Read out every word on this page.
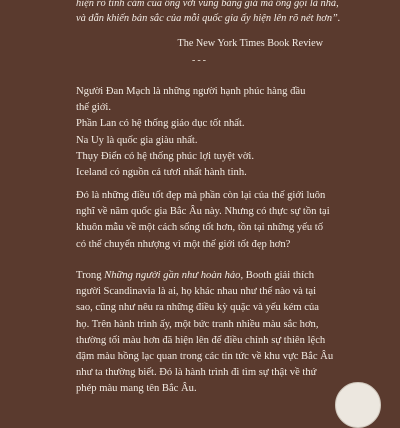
hiện rõ tình cảm của ông với vùng băng giá mà ông gọi là nhà,
và dẫn khiến bản sắc của mỗi quốc gia ấy hiện lên rõ nét hơn”.
The New York Times Book Review
---
Người Đan Mạch là những người hạnh phúc hàng đầu
thế giới.
Phần Lan có hệ thống giáo dục tốt nhất.
Na Uy là quốc gia giàu nhất.
Thụy Điển có hệ thống phúc lợi tuyệt vời.
Iceland có nguồn cá tươi nhất hành tinh.
Đó là những điều tốt đẹp mà phần còn lại của thế giới luôn
nghĩ về năm quốc gia Bắc Âu này. Nhưng có thực sự tồn tại
khuôn mẫu về một cách sống tốt hơn, tồn tại những yếu tố
có thể chuyển nhượng vì một thế giới tốt đẹp hơn?
Trong Những người gần như hoàn hảo, Booth giải thích
người Scandinavia là ai, họ khác nhau như thế nào và tại
sao, cũng như nêu ra những điều kỳ quặc và yếu kém của
họ. Trên hành trình ấy, một bức tranh nhiều màu sắc hơn,
thường tối màu hơn đã hiện lên để điều chỉnh sự thiên lệch
đậm màu hồng lạc quan trong các tin tức về khu vực Bắc Âu
như ta thường biết. Đó là hành trình đi tìm sự thật về thứ
phép màu mang tên Bắc Âu.
